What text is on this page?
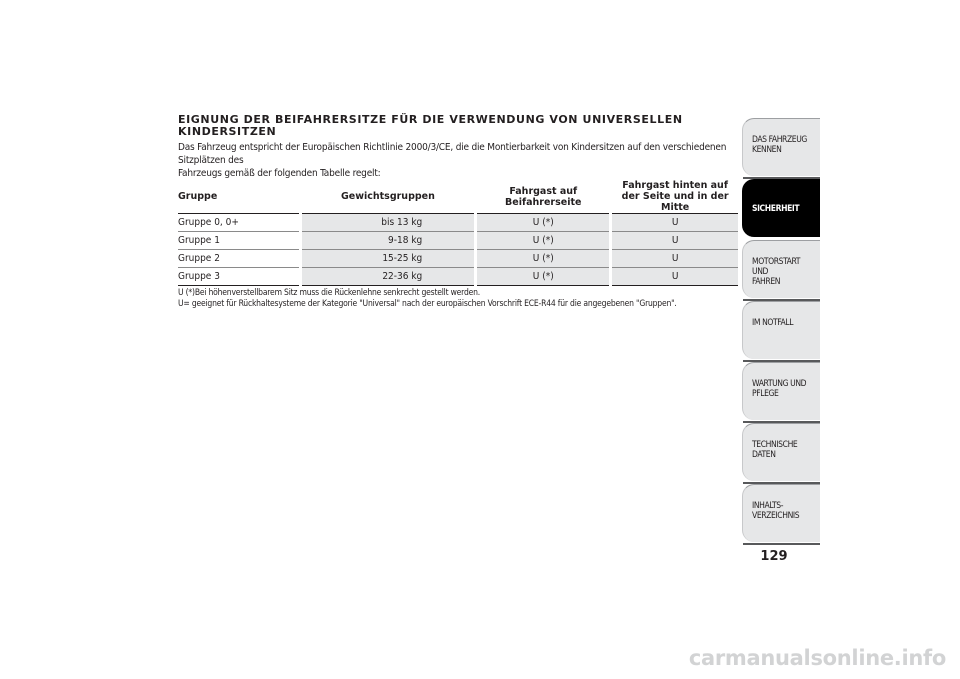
EIGNUNG DER BEIFAHRERSITZE FÜR DIE VERWENDUNG VON UNIVERSELLEN
KINDERSITZEN

Das Fahrzeug entspricht der Europäischen Richtlinie 2000/3/CE, die die Montierbarkeit von Kindersitzen auf den verschiedenen Sitzplätzen des
Fahrzeugs gemäß der folgenden Tabelle regelt:

Gruppe	Gewichtsgruppen	Fahrgast auf Beifahrerseite	Fahrgast hinten auf der Seite und in der Mitte
Gruppe 0, 0+	bis 13 kg	U (*)	U
Gruppe 1	9-18 kg	U (*)	U
Gruppe 2	15-25 kg	U (*)	U
Gruppe 3	22-36 kg	U (*)	U

U (*)Bei höhenverstellbarem Sitz muss die Rückenlehne senkrecht gestellt werden.

U= geeignet für Rückhaltesysteme der Kategorie "Universal" nach der europäischen Vorschrift ECE-R44 für die angegebenen "Gruppen".

DAS FAHRZEUG
KENNEN
SICHERHEIT
MOTORSTART UND
FAHREN
IM NOTFALL
WARTUNG UND
PFLEGE
TECHNISCHE DATEN
INHALTS-
VERZEICHNIS
129
carmanualsonline.info
